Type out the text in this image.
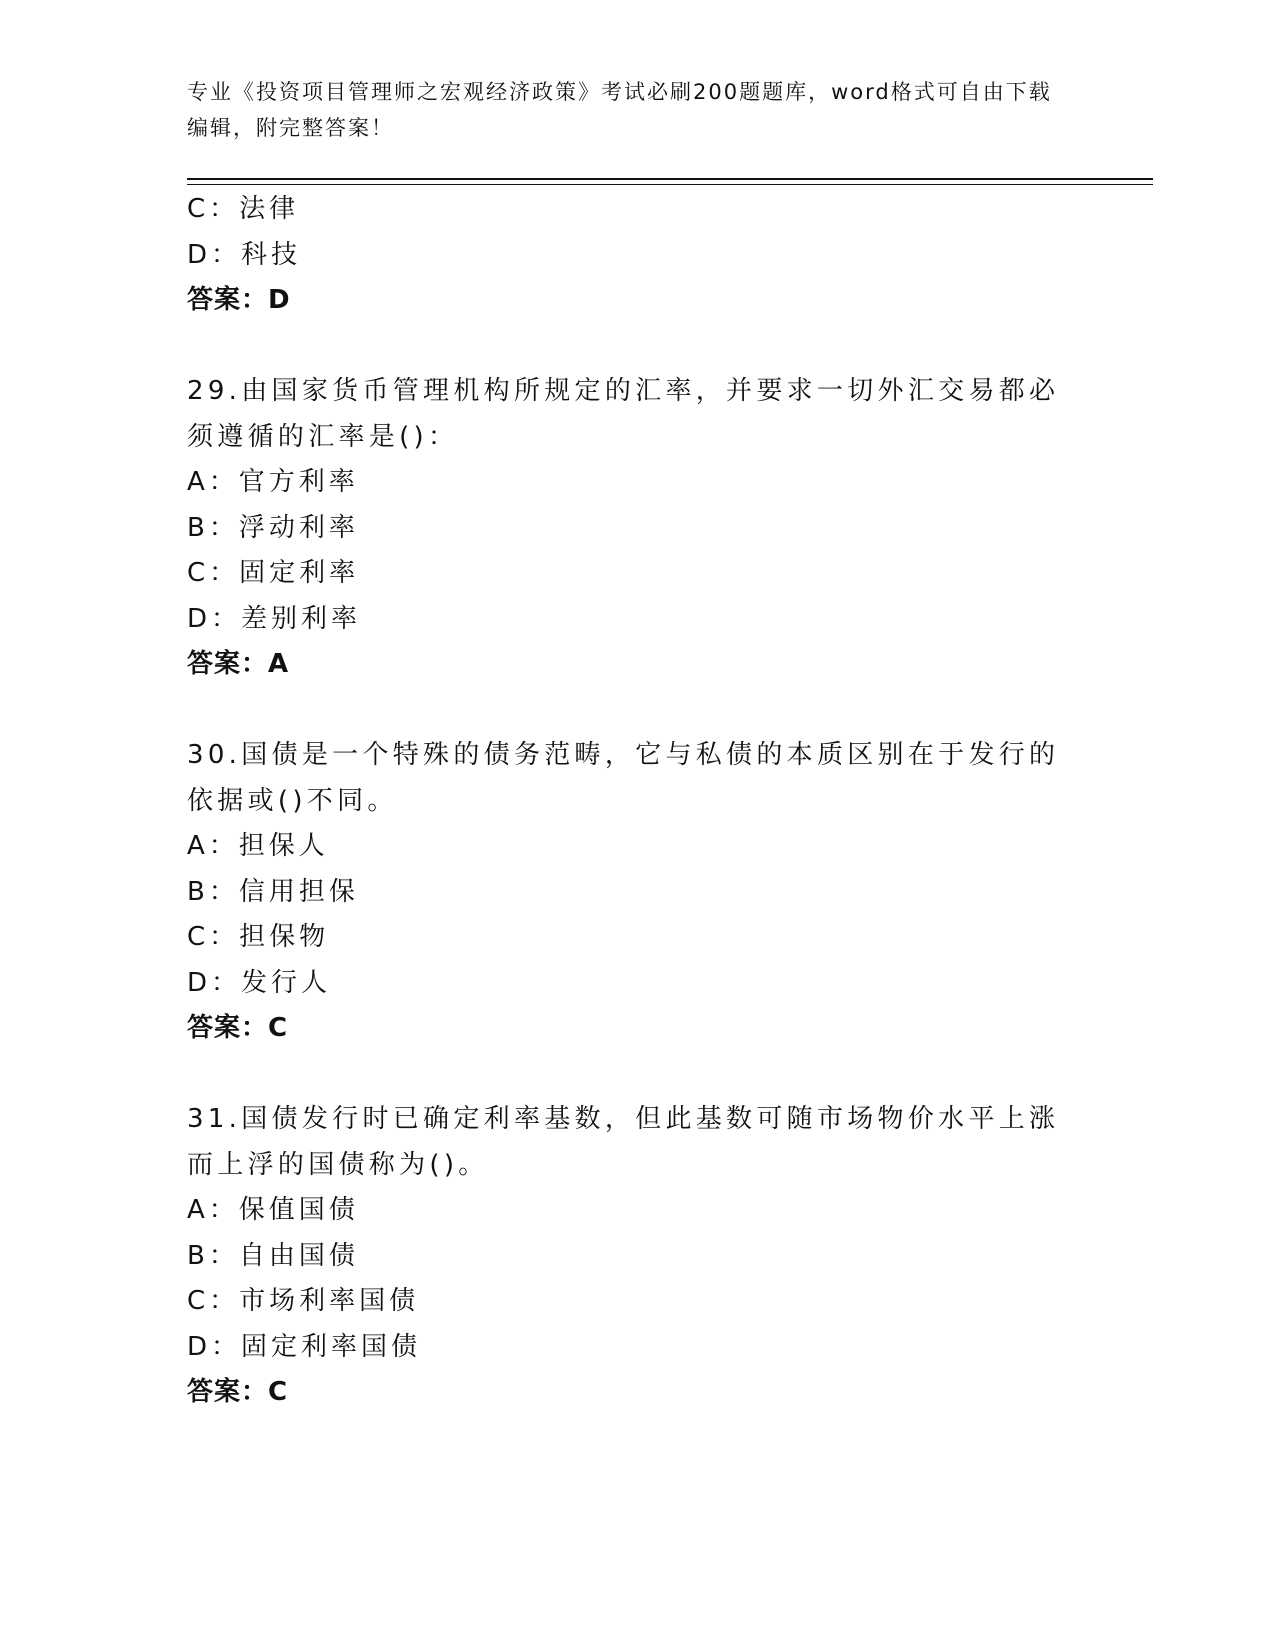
专业《投资项目管理师之宏观经济政策》考试必刷200题题库，word格式可自由下载编辑，附完整答案！
C：法律
D：科技
答案：D
29.由国家货币管理机构所规定的汇率，并要求一切外汇交易都必须遵循的汇率是()：
A：官方利率
B：浮动利率
C：固定利率
D：差别利率
答案：A
30.国债是一个特殊的债务范畴，它与私债的本质区别在于发行的依据或()不同。
A：担保人
B：信用担保
C：担保物
D：发行人
答案：C
31.国债发行时已确定利率基数，但此基数可随市场物价水平上涨而上浮的国债称为()。
A：保值国债
B：自由国债
C：市场利率国债
D：固定利率国债
答案：C
